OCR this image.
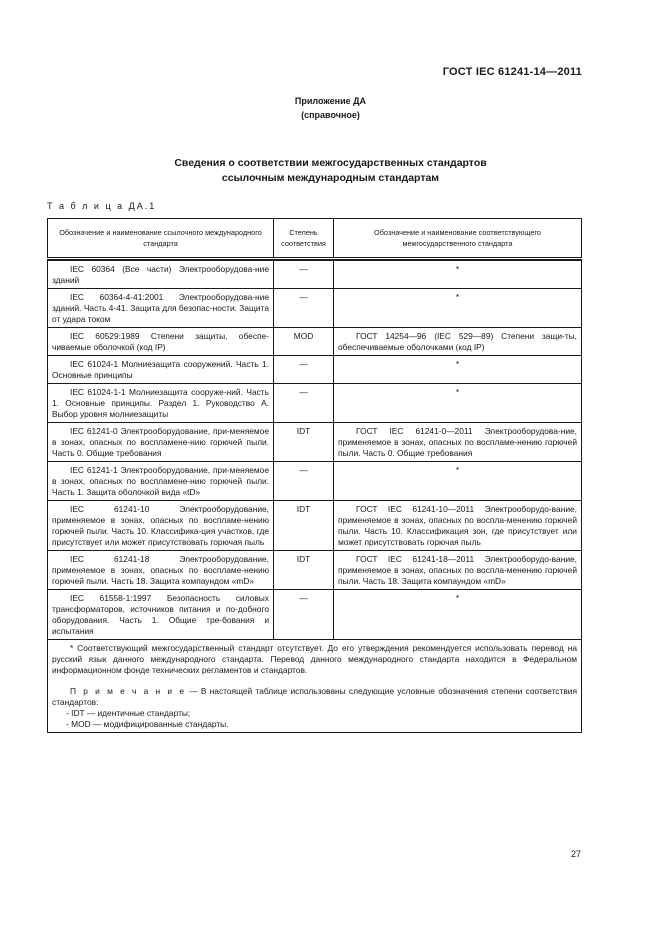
ГОСТ IEC 61241-14—2011
Приложение ДА
(справочное)
Сведения о соответствии межгосударственных стандартов
ссылочным международным стандартам
Т а б л и ц а ДА.1
Обозначение и наименование ссылочного международного стандарта	Степень соответствия	Обозначение и наименование соответствующего межгосударственного стандарта

IEC 60364 (Все части) Электрооборудова-ние зданий	—	*
IEC 60364-4-41:2001 Электрооборудова-ние зданий. Часть 4-41. Защита для безопас-ности. Защита от удара током	—	*
IEC 60529:1989 Степени защиты, обеспе-чиваемые оболочкой (код IP)	MOD	ГОСТ 14254—96 (IEC 529—89) Степени защи-ты, обеспечиваемые оболочками (код IP)
IEC 61024-1 Молниезащита сооружений. Часть 1. Основные принципы	—	*
IEC 61024-1-1 Молниезащита сооруже-ний. Часть 1. Основные принципы. Раздел 1. Руководство А. Выбор уровня молниезащиты	—	*
IEC 61241-0 Электрооборудование, при-меняемое в зонах, опасных по воспламене-нию горючей пыли. Часть 0. Общие требования	IDT	ГОСТ IEC 61241-0—2011 Электрооборудова-ние, применяемое в зонах, опасных по воспламе-нению горючей пыли. Часть 0. Общие требования
IEC 61241-1 Электрооборудование, при-меняемое в зонах, опасных по воспламене-нию горючей пыли. Часть 1. Защита оболочкой вида «tD»	—	*
IEC 61241-10 Электрооборудование, применяемое в зонах, опасных по воспламе-нению горючей пыли. Часть 10. Классифика-ция участков, где присутствует или может присутствовать горючая пыль	IDT	ГОСТ IEC 61241-10—2011 Электрооборудо-вание, применяемое в зонах, опасных по воспла-менению горючей пыли. Часть 10. Классификация зон, где присутствует или может присутствовать горючая пыль
IEC 61241-18 Электрооборудование, применяемое в зонах, опасных по воспламе-нению горючей пыли. Часть 18. Защита компаундом «mD»	IDT	ГОСТ IEC 61241-18—2011 Электрооборудо-вание, применяемое в зонах, опасных по воспла-менению горючей пыли. Часть 18. Защита компаундом «mD»
IEC 61558-1:1997 Безопасность силовых трансформаторов, источников питания и по-добного оборудования. Часть 1. Общие тре-бования и испытания	—	*

* Соответствующий межгосударственный стандарт отсутствует. До его утверждения рекомендуется использовать перевод на русский язык данного международного стандарта. Перевод данного международного стандарта находится в Федеральном информационном фонде технических регламентов и стандартов.

П р и м е ч а н и е — В настоящей таблице использованы следующие условные обозначения степени соответствия стандартов:

- IDT — идентичные стандарты;
- MOD — модифицированные стандарты.		
27
